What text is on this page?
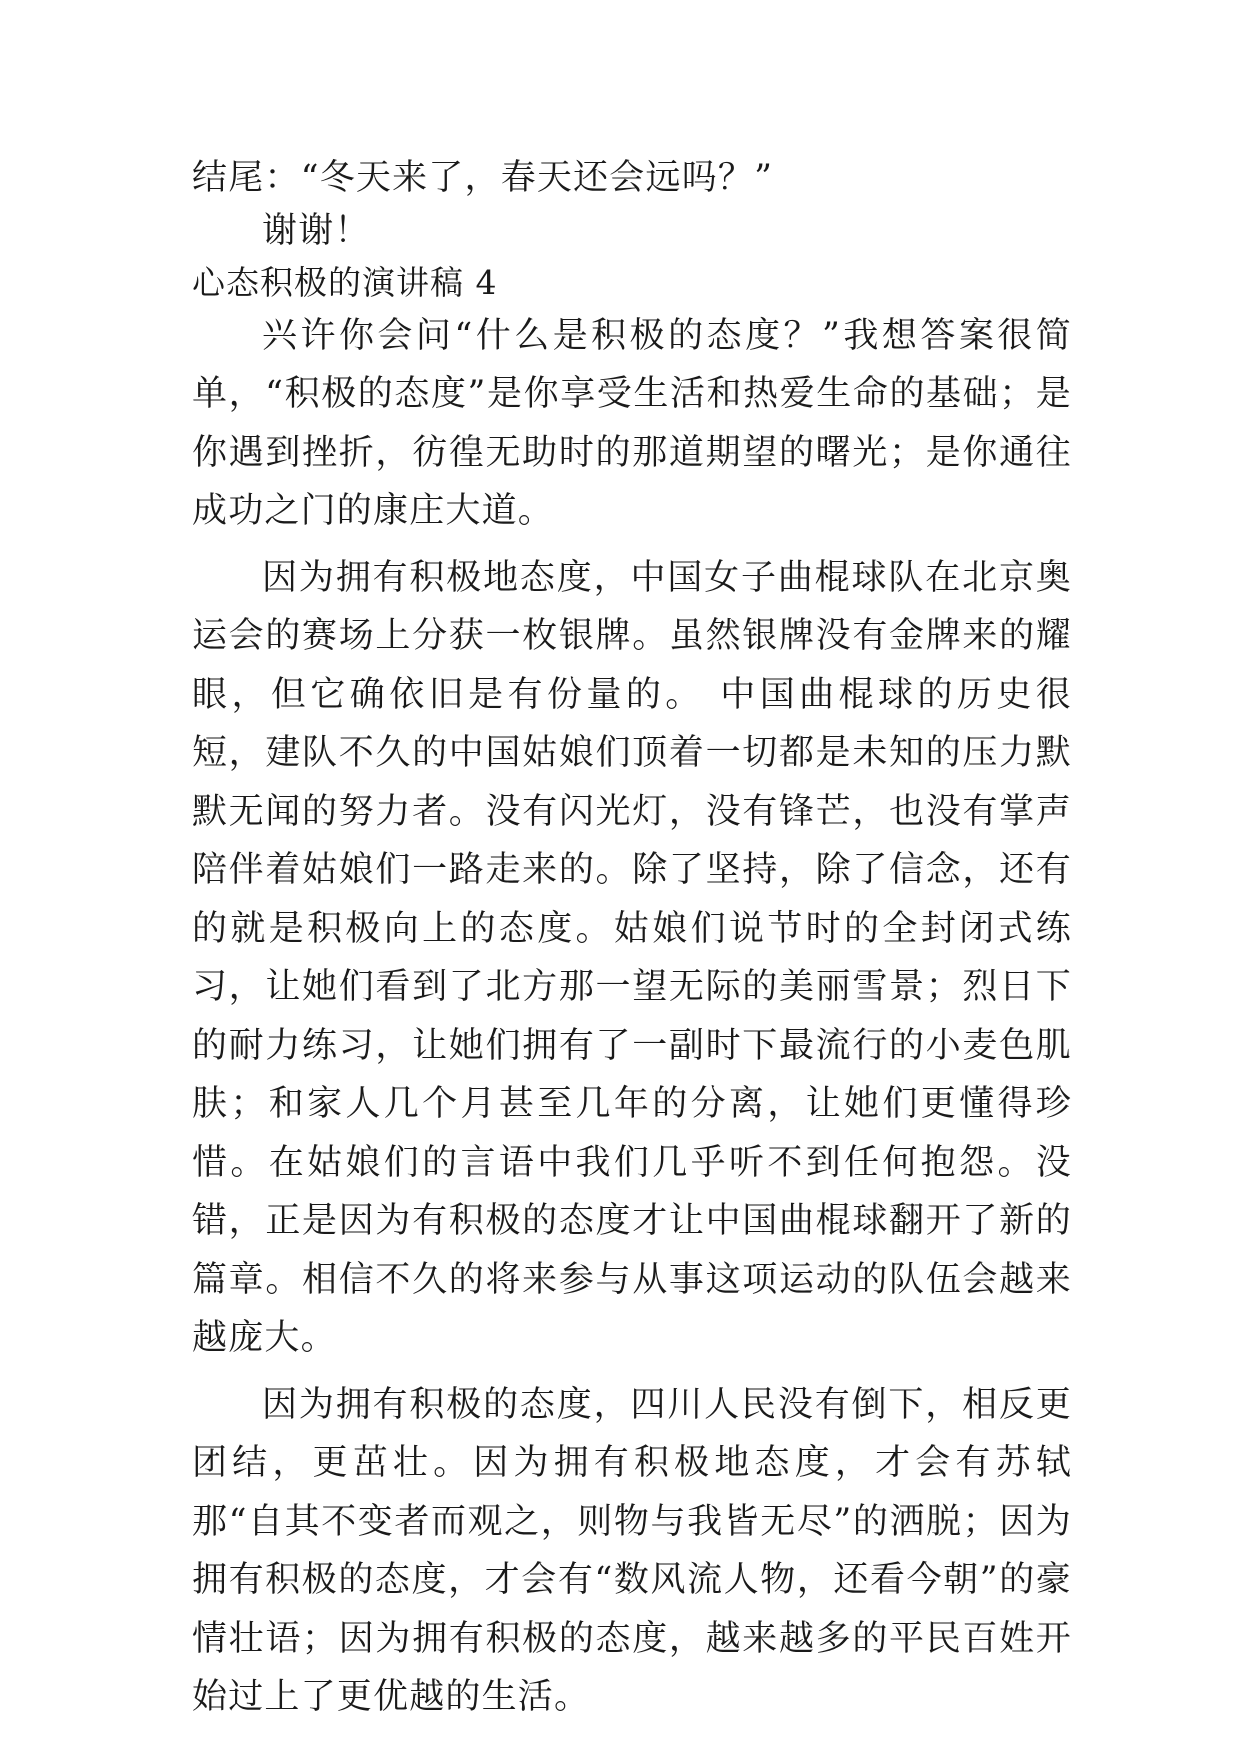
结尾：“冬天来了，春天还会远吗？”

谢谢！

心态积极的演讲稿 4

兴许你会问“什么是积极的态度？”我想答案很简单，“积极的态度”是你享受生活和热爱生命的基础；是你遇到挫折，彷徨无助时的那道期望的曙光；是你通往成功之门的康庄大道。

因为拥有积极地态度，中国女子曲棍球队在北京奥运会的赛场上分获一枚银牌。虽然银牌没有金牌来的耀眼，但它确依旧是有份量的。 中国曲棍球的历史很短，建队不久的中国姑娘们顶着一切都是未知的压力默默无闻的努力者。没有闪光灯，没有锋芒，也没有掌声陪伴着姑娘们一路走来的。除了坚持，除了信念，还有的就是积极向上的态度。姑娘们说节时的全封闭式练习，让她们看到了北方那一望无际的美丽雪景；烈日下的耐力练习，让她们拥有了一副时下最流行的小麦色肌肤；和家人几个月甚至几年的分离，让她们更懂得珍惜。在姑娘们的言语中我们几乎听不到任何抱怨。没错，正是因为有积极的态度才让中国曲棍球翻开了新的篇章。相信不久的将来参与从事这项运动的队伍会越来越庞大。

因为拥有积极的态度，四川人民没有倒下，相反更团结，更茁壮。因为拥有积极地态度，才会有苏轼那“自其不变者而观之，则物与我皆无尽”的洒脱；因为拥有积极的态度，才会有“数风流人物，还看今朝”的豪情壮语；因为拥有积极的态度，越来越多的平民百姓开始过上了更优越的生活。
